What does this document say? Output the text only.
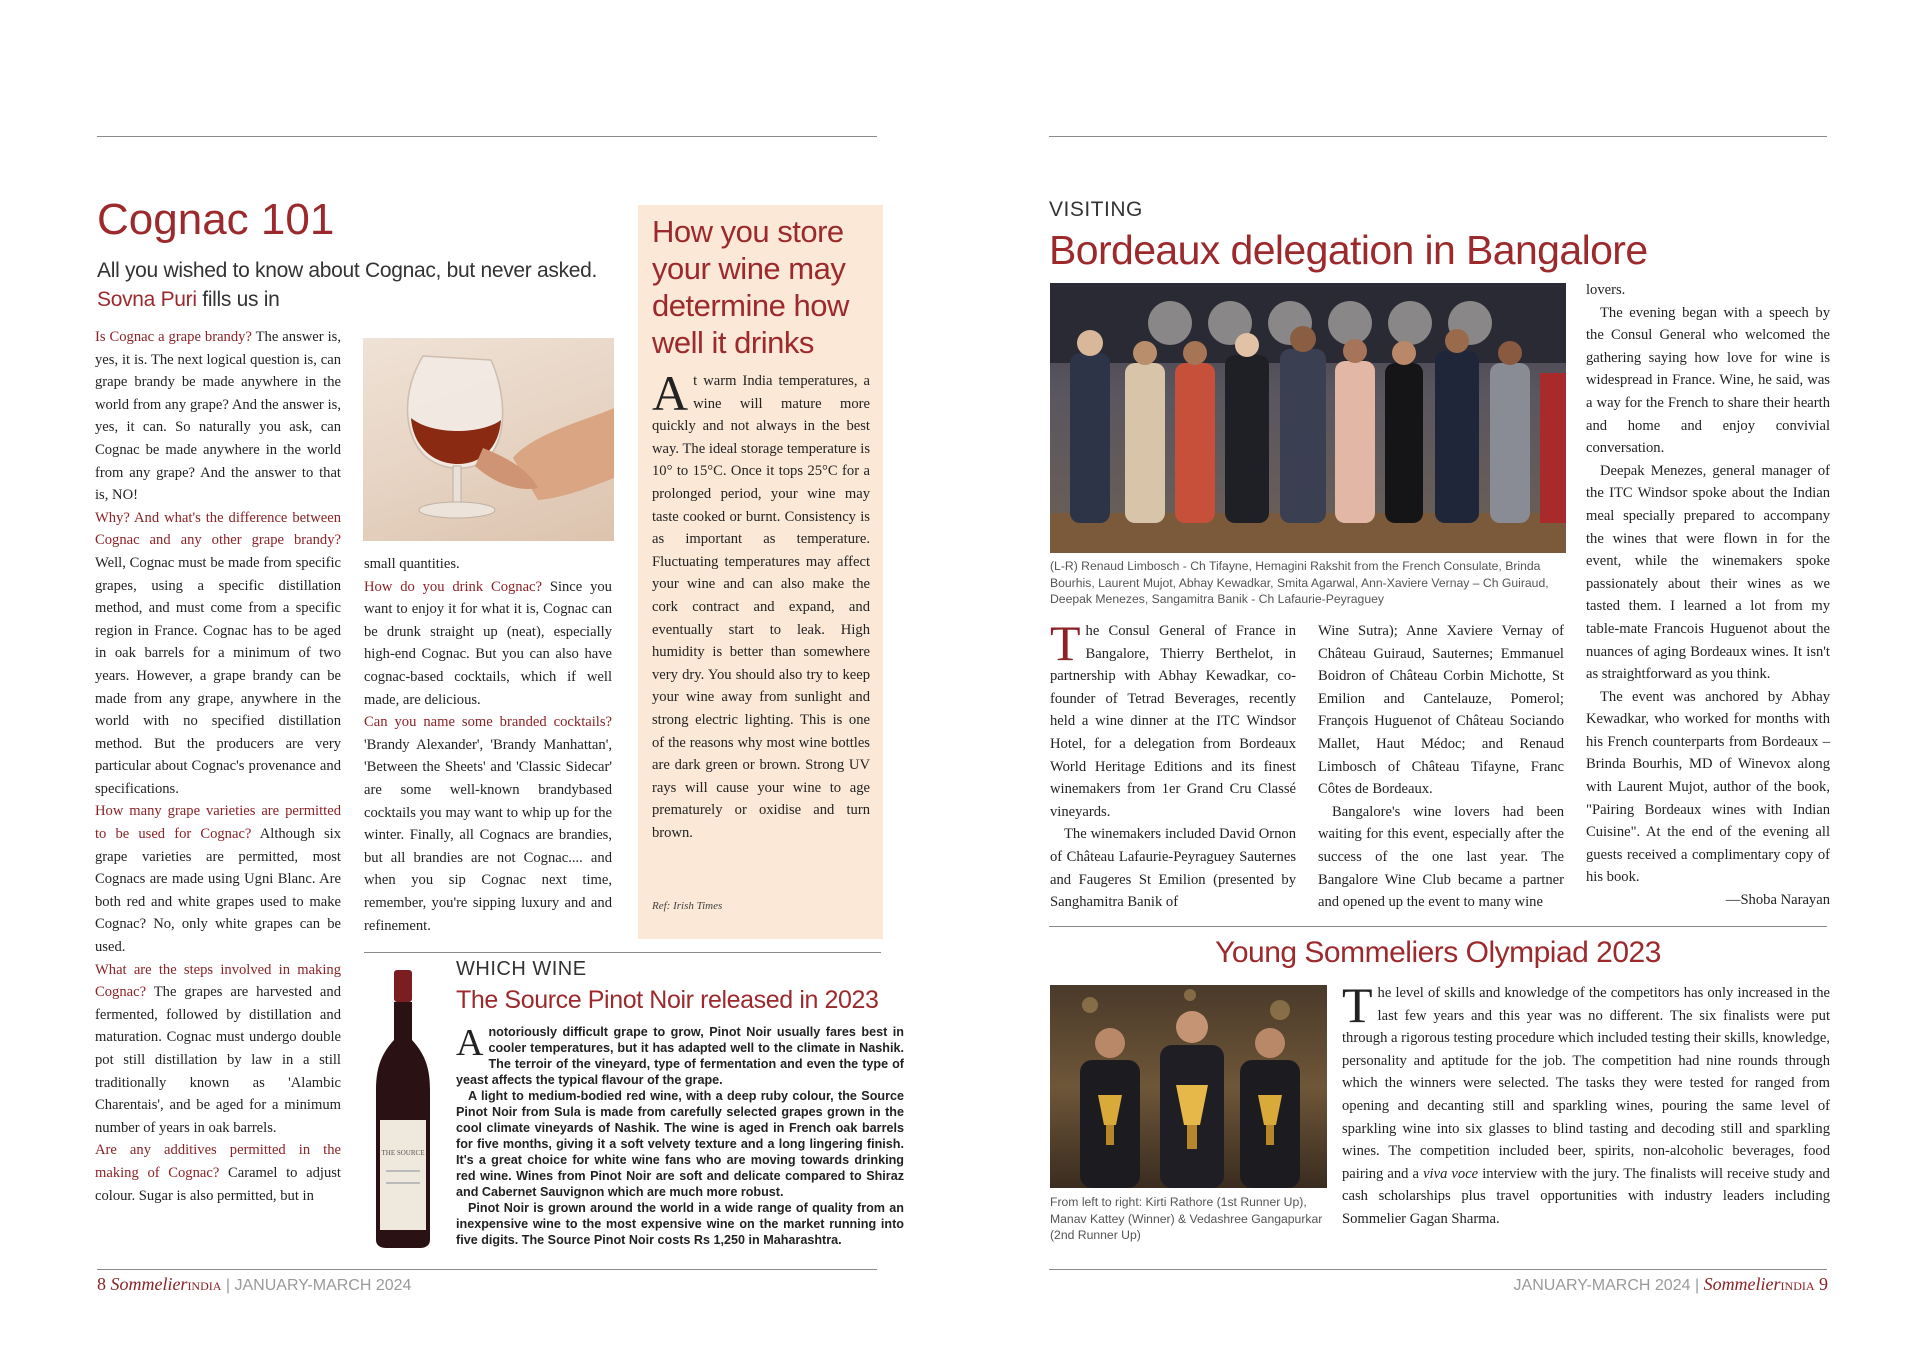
Cognac 101
All you wished to know about Cognac, but never asked. Sovna Puri fills us in

Is Cognac a grape brandy? The answer is, yes, it is. The next logical question is, can grape brandy be made anywhere in the world from any grape? And the answer is, yes, it can. So naturally you ask, can Cognac be made anywhere in the world from any grape? And the answer to that is, NO!

Why? And what's the difference between Cognac and any other grape brandy? Well, Cognac must be made from specific grapes, using a specific distillation method, and must come from a specific region in France. Cognac has to be aged in oak barrels for a minimum of two years. However, a grape brandy can be made from any grape, anywhere in the world with no specified distillation method. But the producers are very particular about Cognac's provenance and specifications.

How many grape varieties are permitted to be used for Cognac? Although six grape varieties are permitted, most Cognacs are made using Ugni Blanc. Are both red and white grapes used to make Cognac? No, only white grapes can be used.

What are the steps involved in making Cognac? The grapes are harvested and fermented, followed by distillation and maturation. Cognac must undergo double pot still distillation by law in a still traditionally known as 'Alambic Charentais', and be aged for a minimum number of years in oak barrels.

Are any additives permitted in the making of Cognac? Caramel to adjust colour. Sugar is also permitted, but in

small quantities.

How do you drink Cognac? Since you want to enjoy it for what it is, Cognac can be drunk straight up (neat), especially high-end Cognac. But you can also have cognac-based cocktails, which if well made, are delicious.

Can you name some branded cocktails? 'Brandy Alexander', 'Brandy Manhattan', 'Between the Sheets' and 'Classic Sidecar' are some well-known brandybased cocktails you may want to whip up for the winter. Finally, all Cognacs are brandies, but all brandies are not Cognac.... and when you sip Cognac next time, remember, you're sipping luxury and and refinement.

How you store your wine may determine how well it drinks
At warm India temperatures, a wine will mature more quickly and not always in the best way. The ideal storage temperature is 10° to 15°C. Once it tops 25°C for a prolonged period, your wine may taste cooked or burnt. Consistency is as important as temperature. Fluctuating temperatures may affect your wine and can also make the cork contract and expand, and eventually start to leak. High humidity is better than somewhere very dry. You should also try to keep your wine away from sunlight and strong electric lighting. This is one of the reasons why most wine bottles are dark green or brown. Strong UV rays will cause your wine to age prematurely or oxidise and turn brown.
Ref: Irish Times
THE SOURCE
WHICH WINE
The Source Pinot Noir released in 2023
Anotoriously difficult grape to grow, Pinot Noir usually fares best in cooler temperatures, but it has adapted well to the climate in Nashik. The terroir of the vineyard, type of fermentation and even the type of yeast affects the typical flavour of the grape.
A light to medium-bodied red wine, with a deep ruby colour, the Source Pinot Noir from Sula is made from carefully selected grapes grown in the cool climate vineyards of Nashik. The wine is aged in French oak barrels for five months, giving it a soft velvety texture and a long lingering finish. It's a great choice for white wine fans who are moving towards drinking red wine. Wines from Pinot Noir are soft and delicate compared to Shiraz and Cabernet Sauvignon which are much more robust.
Pinot Noir is grown around the world in a wide range of quality from an inexpensive wine to the most expensive wine on the market running into five digits. The Source Pinot Noir costs Rs 1,250 in Maharashtra.
8 SommelierINDIA | JANUARY-MARCH 2024
VISITING
Bordeaux delegation in Bangalore
(L-R) Renaud Limbosch - Ch Tifayne, Hemagini Rakshit from the French Consulate, Brinda Bourhis, Laurent Mujot, Abhay Kewadkar, Smita Agarwal, Ann-Xaviere Vernay – Ch Guiraud, Deepak Menezes, Sangamitra Banik - Ch Lafaurie-Peyraguey

The Consul General of France in Bangalore, Thierry Berthelot, in partnership with Abhay Kewadkar, co-founder of Tetrad Beverages, recently held a wine dinner at the ITC Windsor Hotel, for a delegation from Bordeaux World Heritage Editions and its finest winemakers from 1er Grand Cru Classé vineyards.

The winemakers included David Ornon of Château Lafaurie-Peyraguey Sauternes and Faugeres St Emilion (presented by Sanghamitra Banik of

Wine Sutra); Anne Xaviere Vernay of Château Guiraud, Sauternes; Emmanuel Boidron of Château Corbin Michotte, St Emilion and Cantelauze, Pomerol; François Huguenot of Château Sociando Mallet, Haut Médoc; and Renaud Limbosch of Château Tifayne, Franc Côtes de Bordeaux.

Bangalore's wine lovers had been waiting for this event, especially after the success of the one last year. The Bangalore Wine Club became a partner and opened up the event to many wine

lovers.

The evening began with a speech by the Consul General who welcomed the gathering saying how love for wine is widespread in France. Wine, he said, was a way for the French to share their hearth and home and enjoy convivial conversation.

Deepak Menezes, general manager of the ITC Windsor spoke about the Indian meal specially prepared to accompany the wines that were flown in for the event, while the winemakers spoke passionately about their wines as we tasted them. I learned a lot from my table-mate Francois Huguenot about the nuances of aging Bordeaux wines. It isn't as straightforward as you think.

The event was anchored by Abhay Kewadkar, who worked for months with his French counterparts from Bordeaux – Brinda Bourhis, MD of Winevox along with Laurent Mujot, author of the book, "Pairing Bordeaux wines with Indian Cuisine". At the end of the evening all guests received a complimentary copy of his book.

—Shoba Narayan

Young Sommeliers Olympiad 2023
From left to right: Kirti Rathore (1st Runner Up), Manav Kattey (Winner) & Vedashree Gangapurkar (2nd Runner Up)
The level of skills and knowledge of the competitors has only increased in the last few years and this year was no different. The six finalists were put through a rigorous testing procedure which included testing their skills, knowledge, personality and aptitude for the job. The competition had nine rounds through which the winners were selected. The tasks they were tested for ranged from opening and decanting still and sparkling wines, pouring the same level of sparkling wine into six glasses to blind tasting and decoding still and sparkling wines. The competition included beer, spirits, non-alcoholic beverages, food pairing and a viva voce interview with the jury. The finalists will receive study and cash scholarships plus travel opportunities with industry leaders including Sommelier Gagan Sharma.
JANUARY-MARCH 2024 | SommelierINDIA 9
